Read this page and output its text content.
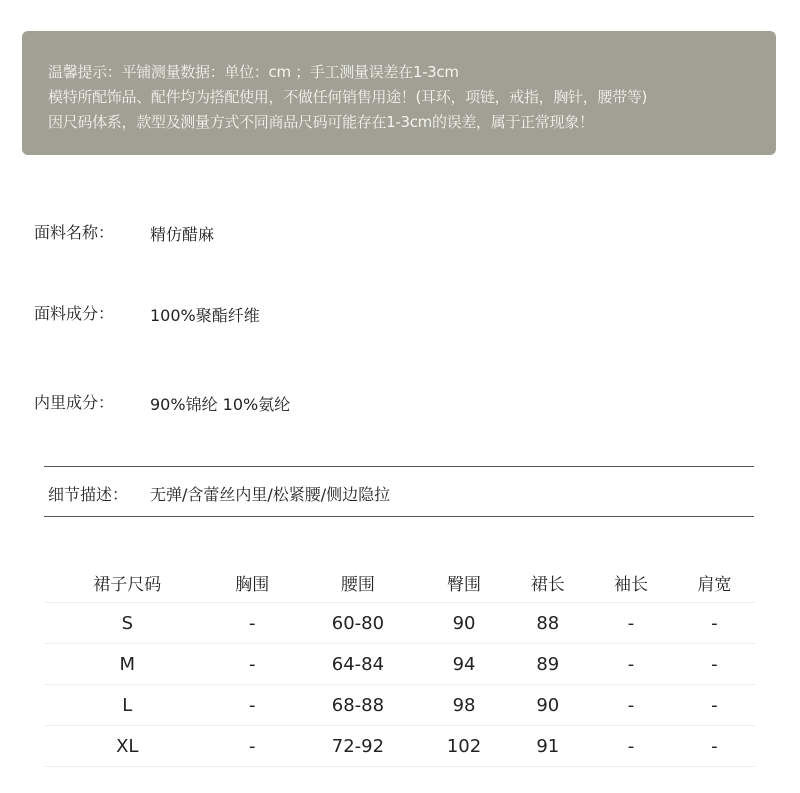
温馨提示：平铺测量数据：单位：cm ；手工测量误差在1-3cm
模特所配饰品、配件均为搭配使用，不做任何销售用途！(耳环，项链，戒指，胸针，腰带等)
因尺码体系，款型及测量方式不同商品尺码可能存在1-3cm的误差，属于正常现象！
面料名称： 精仿醋麻
面料成分： 100%聚酯纤维
内里成分： 90%锦纶 10%氨纶
细节描述： 无弹/含蕾丝内里/松紧腰/侧边隐拉
裙子尺码	胸围	腰围	臀围	裙长	袖长	肩宽
S	-	60-80	90	88	-	-
M	-	64-84	94	89	-	-
L	-	68-88	98	90	-	-
XL	-	72-92	102	91	-	-
